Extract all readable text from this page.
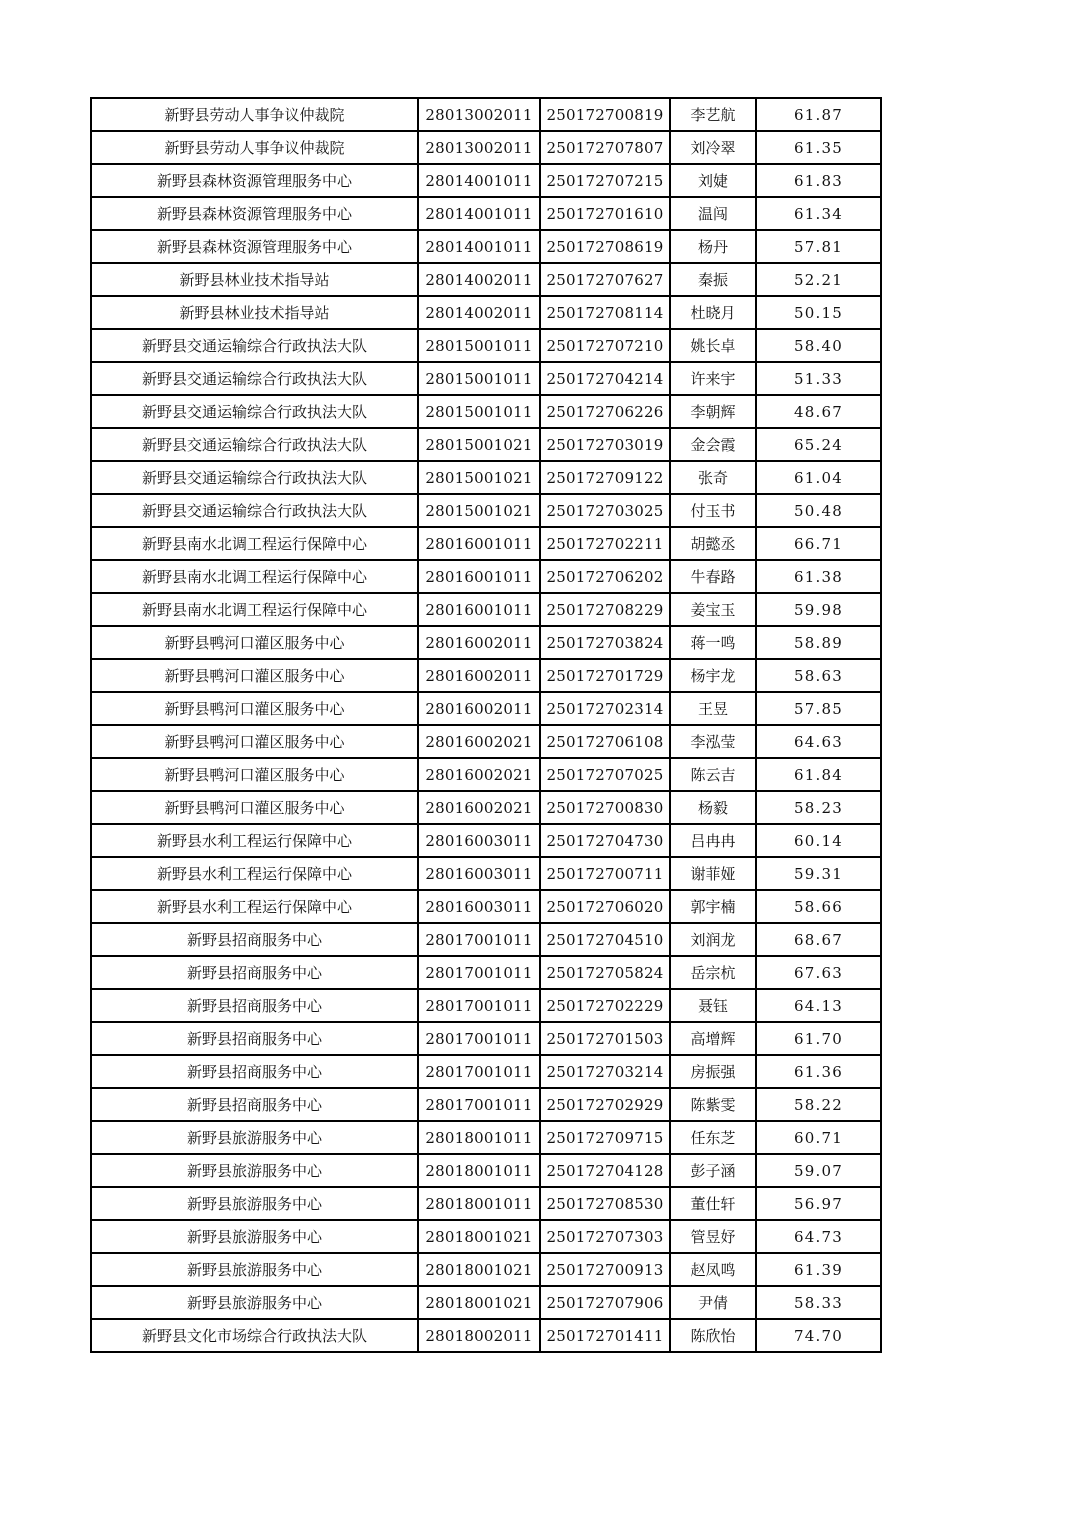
新野县劳动人事争议仲裁院	28013002011	250172700819	李艺航	61.87
新野县劳动人事争议仲裁院	28013002011	250172707807	刘冷翠	61.35
新野县森林资源管理服务中心	28014001011	250172707215	刘婕	61.83
新野县森林资源管理服务中心	28014001011	250172701610	温闯	61.34
新野县森林资源管理服务中心	28014001011	250172708619	杨丹	57.81
新野县林业技术指导站	28014002011	250172707627	秦振	52.21
新野县林业技术指导站	28014002011	250172708114	杜晓月	50.15
新野县交通运输综合行政执法大队	28015001011	250172707210	姚长卓	58.40
新野县交通运输综合行政执法大队	28015001011	250172704214	许来宇	51.33
新野县交通运输综合行政执法大队	28015001011	250172706226	李朝辉	48.67
新野县交通运输综合行政执法大队	28015001021	250172703019	金会霞	65.24
新野县交通运输综合行政执法大队	28015001021	250172709122	张奇	61.04
新野县交通运输综合行政执法大队	28015001021	250172703025	付玉书	50.48
新野县南水北调工程运行保障中心	28016001011	250172702211	胡懿丞	66.71
新野县南水北调工程运行保障中心	28016001011	250172706202	牛春路	61.38
新野县南水北调工程运行保障中心	28016001011	250172708229	姜宝玉	59.98
新野县鸭河口灌区服务中心	28016002011	250172703824	蒋一鸣	58.89
新野县鸭河口灌区服务中心	28016002011	250172701729	杨宇龙	58.63
新野县鸭河口灌区服务中心	28016002011	250172702314	王昱	57.85
新野县鸭河口灌区服务中心	28016002021	250172706108	李泓莹	64.63
新野县鸭河口灌区服务中心	28016002021	250172707025	陈云吉	61.84
新野县鸭河口灌区服务中心	28016002021	250172700830	杨毅	58.23
新野县水利工程运行保障中心	28016003011	250172704730	吕冉冉	60.14
新野县水利工程运行保障中心	28016003011	250172700711	谢菲娅	59.31
新野县水利工程运行保障中心	28016003011	250172706020	郭宇楠	58.66
新野县招商服务中心	28017001011	250172704510	刘润龙	68.67
新野县招商服务中心	28017001011	250172705824	岳宗杭	67.63
新野县招商服务中心	28017001011	250172702229	聂钰	64.13
新野县招商服务中心	28017001011	250172701503	高增辉	61.70
新野县招商服务中心	28017001011	250172703214	房振强	61.36
新野县招商服务中心	28017001011	250172702929	陈紫雯	58.22
新野县旅游服务中心	28018001011	250172709715	任东芝	60.71
新野县旅游服务中心	28018001011	250172704128	彭子涵	59.07
新野县旅游服务中心	28018001011	250172708530	董仕轩	56.97
新野县旅游服务中心	28018001021	250172707303	管昱妤	64.73
新野县旅游服务中心	28018001021	250172700913	赵凤鸣	61.39
新野县旅游服务中心	28018001021	250172707906	尹倩	58.33
新野县文化市场综合行政执法大队	28018002011	250172701411	陈欣怡	74.70
